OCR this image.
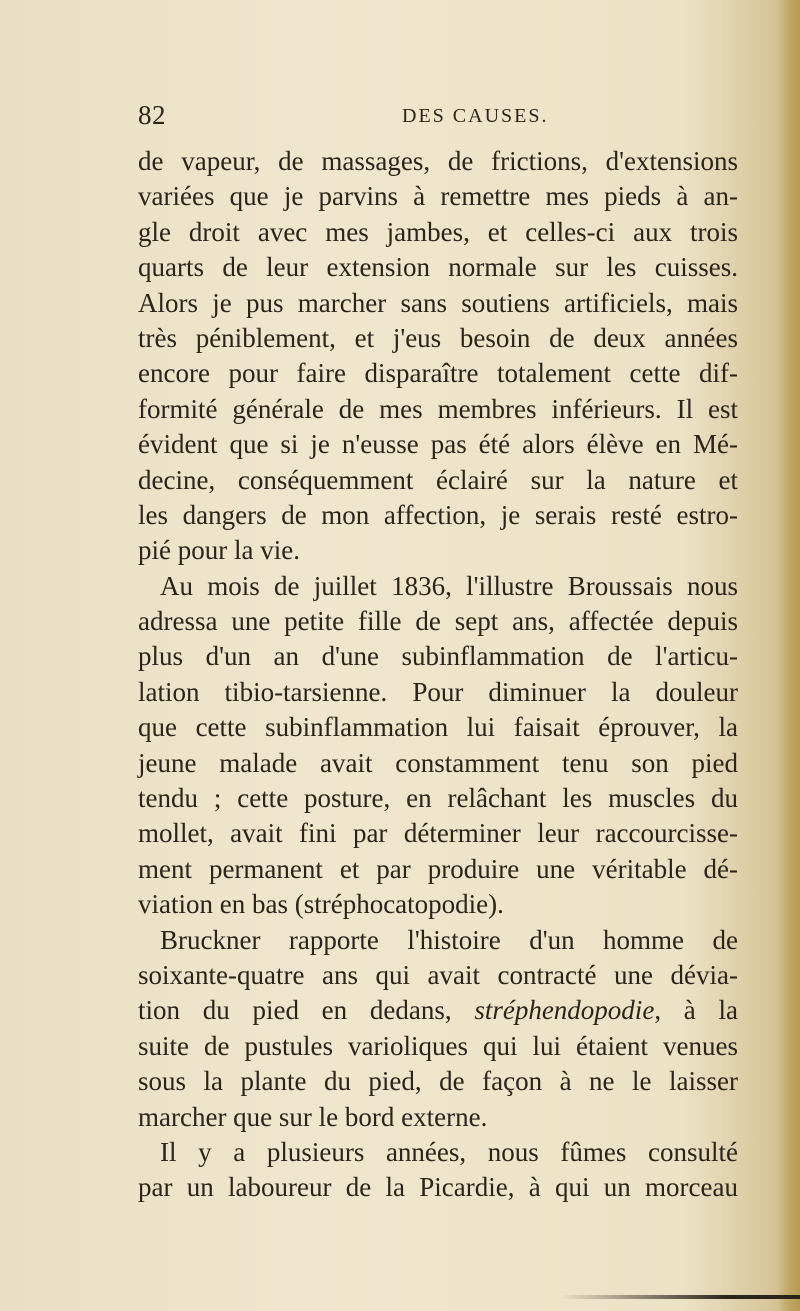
82	DES CAUSES.
de vapeur, de massages, de frictions, d'extensions
variées que je parvins à remettre mes pieds à an-
gle droit avec mes jambes, et celles-ci aux trois
quarts de leur extension normale sur les cuisses.
Alors je pus marcher sans soutiens artificiels, mais
très péniblement, et j'eus besoin de deux années
encore pour faire disparaître totalement cette dif-
formité générale de mes membres inférieurs. Il est
évident que si je n'eusse pas été alors élève en Mé-
decine, conséquemment éclairé sur la nature et
les dangers de mon affection, je serais resté estro-
pié pour la vie.
Au mois de juillet 1836, l'illustre Broussais nous
adressa une petite fille de sept ans, affectée depuis
plus d'un an d'une subinflammation de l'articu-
lation tibio-tarsienne. Pour diminuer la douleur
que cette subinflammation lui faisait éprouver, la
jeune malade avait constamment tenu son pied
tendu ; cette posture, en relâchant les muscles du
mollet, avait fini par déterminer leur raccourcisse-
ment permanent et par produire une véritable dé-
viation en bas (stréphocatopodie).
Bruckner rapporte l'histoire d'un homme de
soixante-quatre ans qui avait contracté une dévia-
tion du pied en dedans, stréphendopodie, à la
suite de pustules varioliques qui lui étaient venues
sous la plante du pied, de façon à ne le laisser
marcher que sur le bord externe.
Il y a plusieurs années, nous fûmes consulté
par un laboureur de la Picardie, à qui un morceau
